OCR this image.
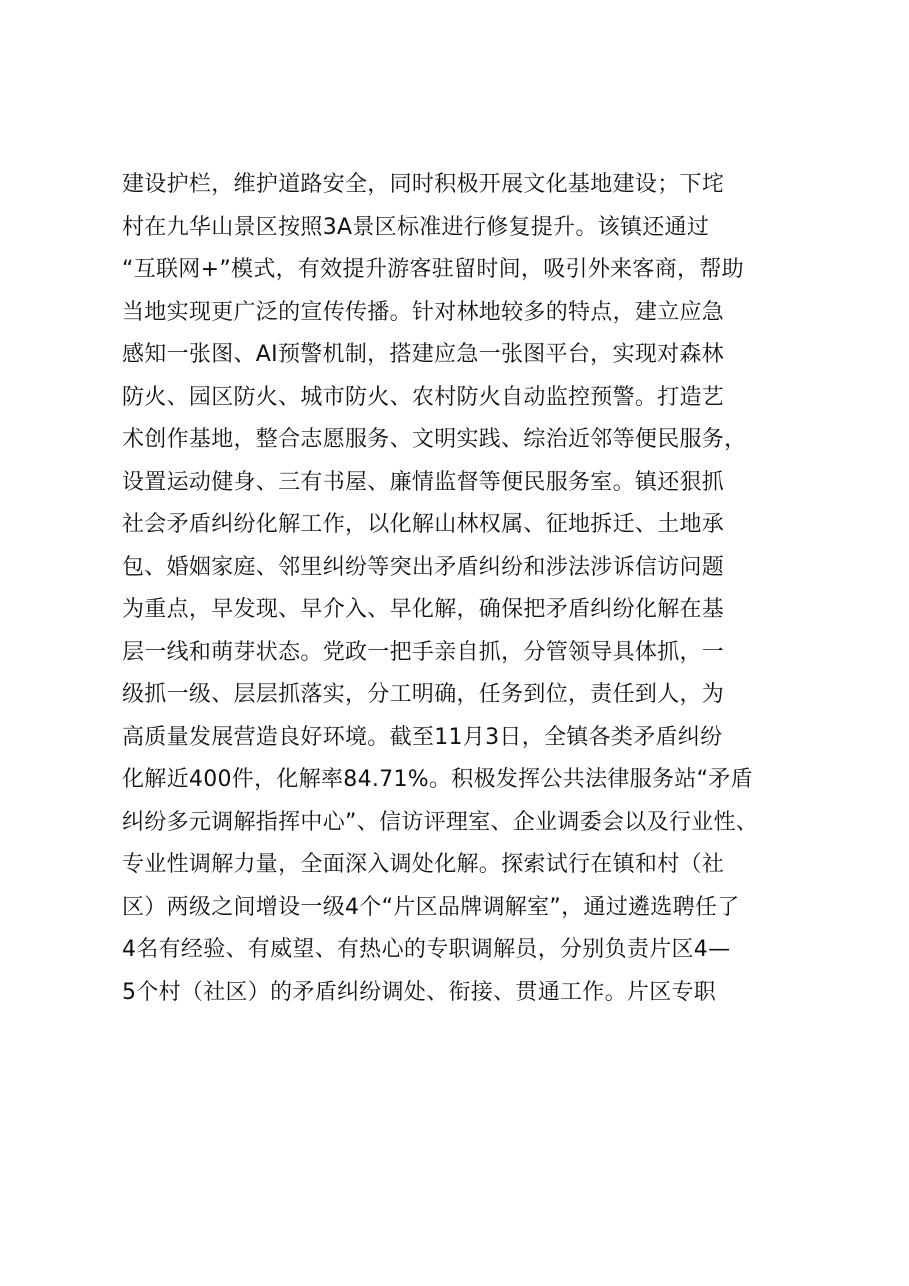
建设护栏，维护道路安全，同时积极开展文化基地建设；下垞
村在九华山景区按照3A景区标准进行修复提升。该镇还通过
“互联网+”模式，有效提升游客驻留时间，吸引外来客商，帮助
当地实现更广泛的宣传传播。针对林地较多的特点，建立应急
感知一张图、AI预警机制，搭建应急一张图平台，实现对森林
防火、园区防火、城市防火、农村防火自动监控预警。打造艺
术创作基地，整合志愿服务、文明实践、综治近邻等便民服务，
设置运动健身、三有书屋、廉情监督等便民服务室。镇还狠抓
社会矛盾纠纷化解工作，以化解山林权属、征地拆迁、土地承
包、婚姻家庭、邻里纠纷等突出矛盾纠纷和涉法涉诉信访问题
为重点，早发现、早介入、早化解，确保把矛盾纠纷化解在基
层一线和萌芽状态。党政一把手亲自抓，分管领导具体抓，一
级抓一级、层层抓落实，分工明确，任务到位，责任到人，为
高质量发展营造良好环境。截至11月3日，全镇各类矛盾纠纷
化解近400件，化解率84.71%。积极发挥公共法律服务站“矛盾
纠纷多元调解指挥中心”、信访评理室、企业调委会以及行业性、
专业性调解力量，全面深入调处化解。探索试行在镇和村（社
区）两级之间增设一级4个“片区品牌调解室”，通过遴选聘任了
4名有经验、有威望、有热心的专职调解员，分别负责片区4—
5个村（社区）的矛盾纠纷调处、衔接、贯通工作。片区专职
